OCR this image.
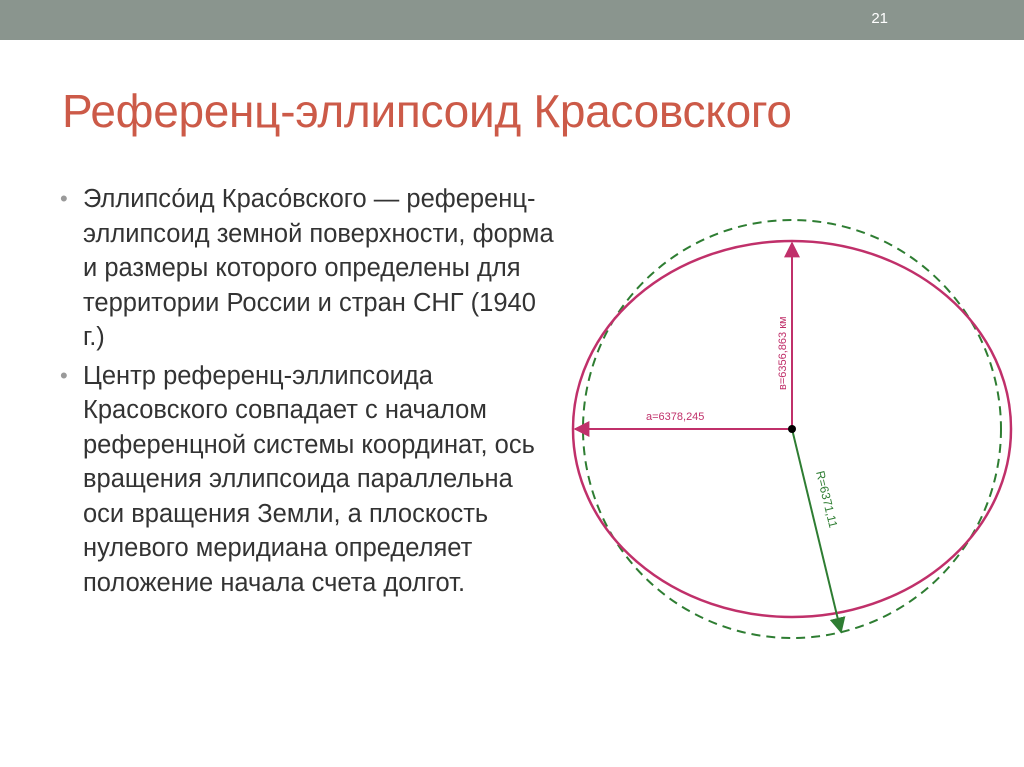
21
Референц-эллипсоид Красовского
• Эллипсо́ид Красо́вского — референц-эллипсоид земной поверхности, форма и размеры которого определены для территории России и стран СНГ (1940 г.)
• Центр референц-эллипсоида Красовского совпадает с началом референцной системы координат, ось вращения эллипсоида параллельна оси вращения Земли, а плоскость нулевого меридиана определяет положение начала счета долгот.
a=6378,245
в=6356,863 км
R=6371,11
